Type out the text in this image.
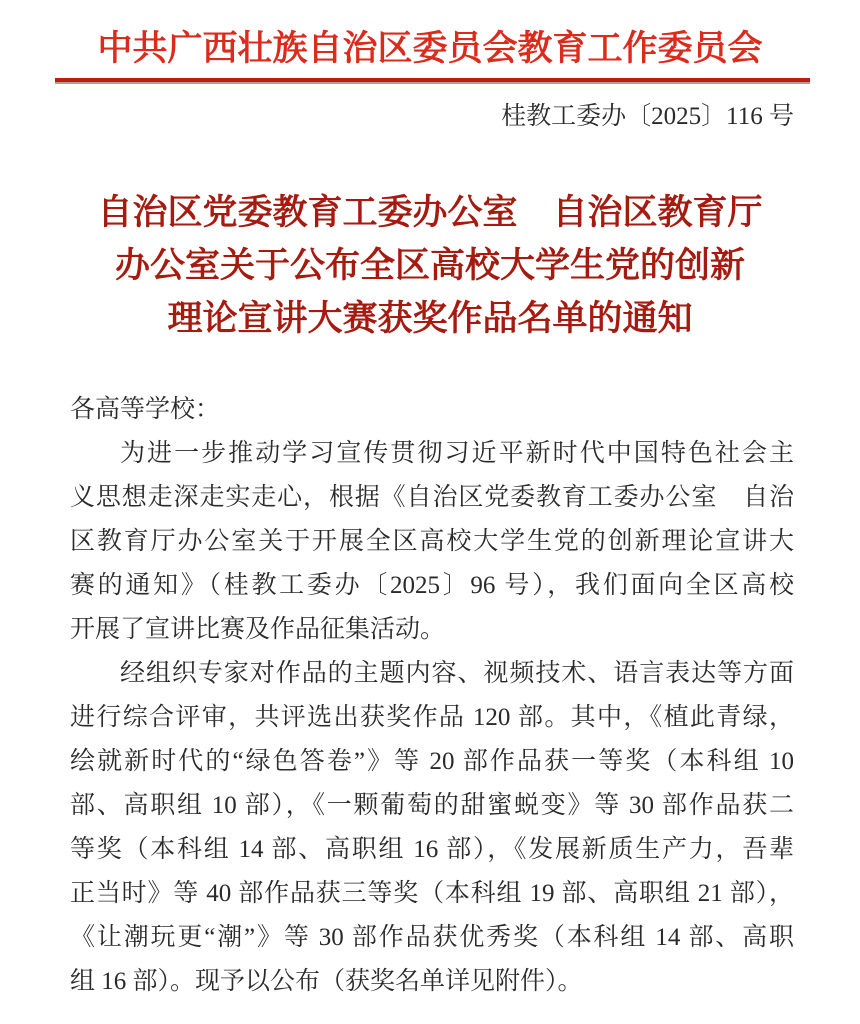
中共广西壮族自治区委员会教育工作委员会
桂教工委办〔2025〕116 号
自治区党委教育工委办公室　自治区教育厅
办公室关于公布全区高校大学生党的创新
理论宣讲大赛获奖作品名单的通知
各高等学校：
为进一步推动学习宣传贯彻习近平新时代中国特色社会主
义思想走深走实走心，根据《自治区党委教育工委办公室　自治
区教育厅办公室关于开展全区高校大学生党的创新理论宣讲大
赛的通知》（桂教工委办〔2025〕96 号），我们面向全区高校
开展了宣讲比赛及作品征集活动。
经组织专家对作品的主题内容、视频技术、语言表达等方面
进行综合评审，共评选出获奖作品 120 部。其中，《植此青绿，
绘就新时代的“绿色答卷”》等 20 部作品获一等奖（本科组 10
部、高职组 10 部），《一颗葡萄的甜蜜蜕变》等 30 部作品获二
等奖（本科组 14 部、高职组 16 部），《发展新质生产力，吾辈
正当时》等 40 部作品获三等奖（本科组 19 部、高职组 21 部），
《让潮玩更“潮”》等 30 部作品获优秀奖（本科组 14 部、高职
组 16 部）。现予以公布（获奖名单详见附件）。
